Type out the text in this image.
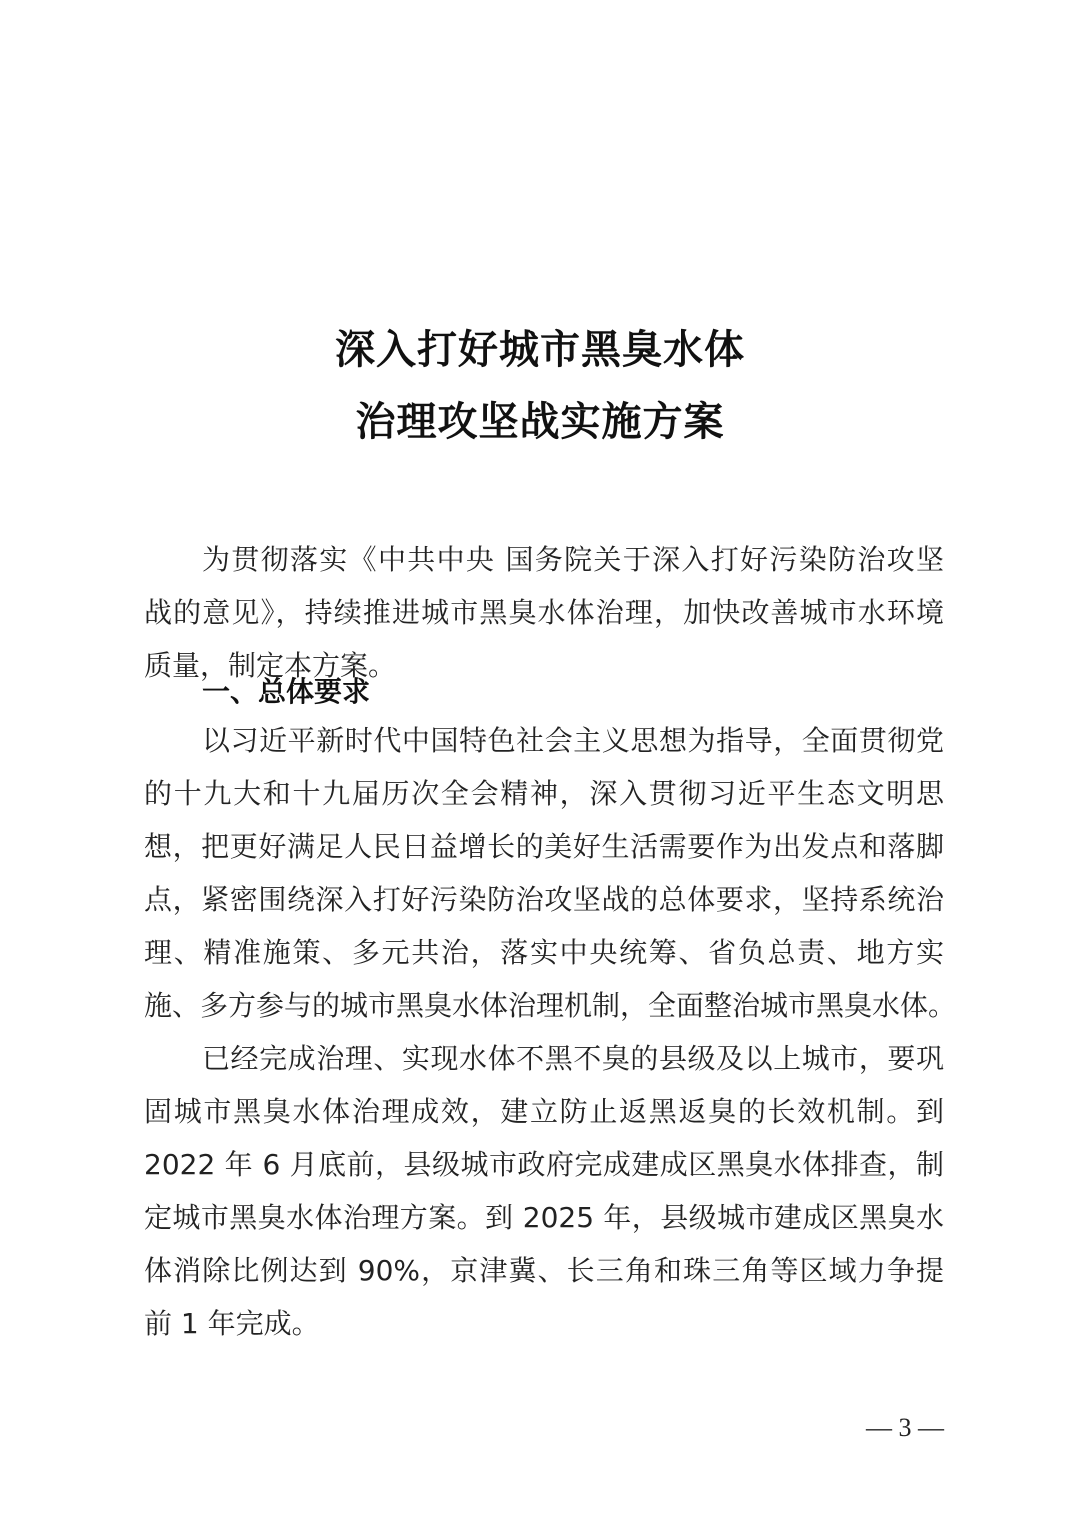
深入打好城市黑臭水体
治理攻坚战实施方案
为贯彻落实《中共中央 国务院关于深入打好污染防治攻坚
战的意见》，持续推进城市黑臭水体治理，加快改善城市水环境
质量，制定本方案。
一、总体要求
以习近平新时代中国特色社会主义思想为指导，全面贯彻党
的十九大和十九届历次全会精神，深入贯彻习近平生态文明思
想，把更好满足人民日益增长的美好生活需要作为出发点和落脚
点，紧密围绕深入打好污染防治攻坚战的总体要求，坚持系统治
理、精准施策、多元共治，落实中央统筹、省负总责、地方实
施、多方参与的城市黑臭水体治理机制，全面整治城市黑臭水体。
已经完成治理、实现水体不黑不臭的县级及以上城市，要巩
固城市黑臭水体治理成效，建立防止返黑返臭的长效机制。到
2022 年 6 月底前，县级城市政府完成建成区黑臭水体排查，制
定城市黑臭水体治理方案。到 2025 年，县级城市建成区黑臭水
体消除比例达到 90%，京津冀、长三角和珠三角等区域力争提
前 1 年完成。
— 3 —
